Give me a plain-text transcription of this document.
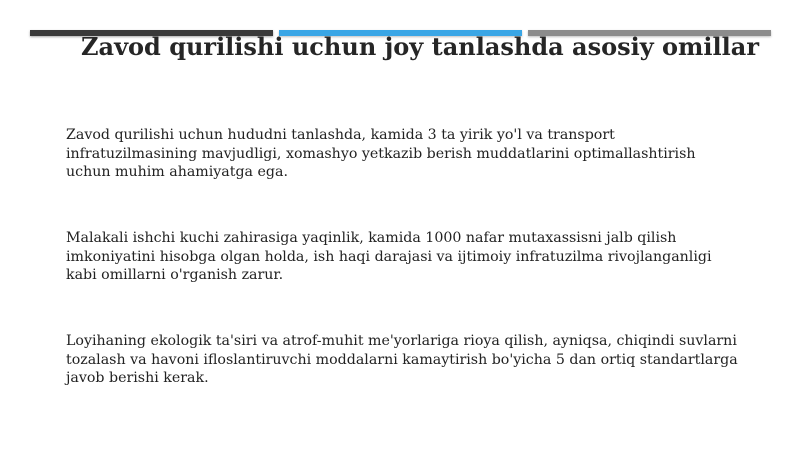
Zavod qurilishi uchun joy tanlashda asosiy omillar

Zavod qurilishi uchun hududni tanlashda, kamida 3 ta yirik yo'l va transport
infratuzilmasining mavjudligi, xomashyo yetkazib berish muddatlarini optimallashtirish
uchun muhim ahamiyatga ega.

Malakali ishchi kuchi zahirasiga yaqinlik, kamida 1000 nafar mutaxassisni jalb qilish
imkoniyatini hisobga olgan holda, ish haqi darajasi va ijtimoiy infratuzilma rivojlanganligi
kabi omillarni o'rganish zarur.

Loyihaning ekologik ta'siri va atrof-muhit me'yorlariga rioya qilish, ayniqsa, chiqindi suvlarni
tozalash va havoni ifloslantiruvchi moddalarni kamaytirish bo'yicha 5 dan ortiq standartlarga
javob berishi kerak.
